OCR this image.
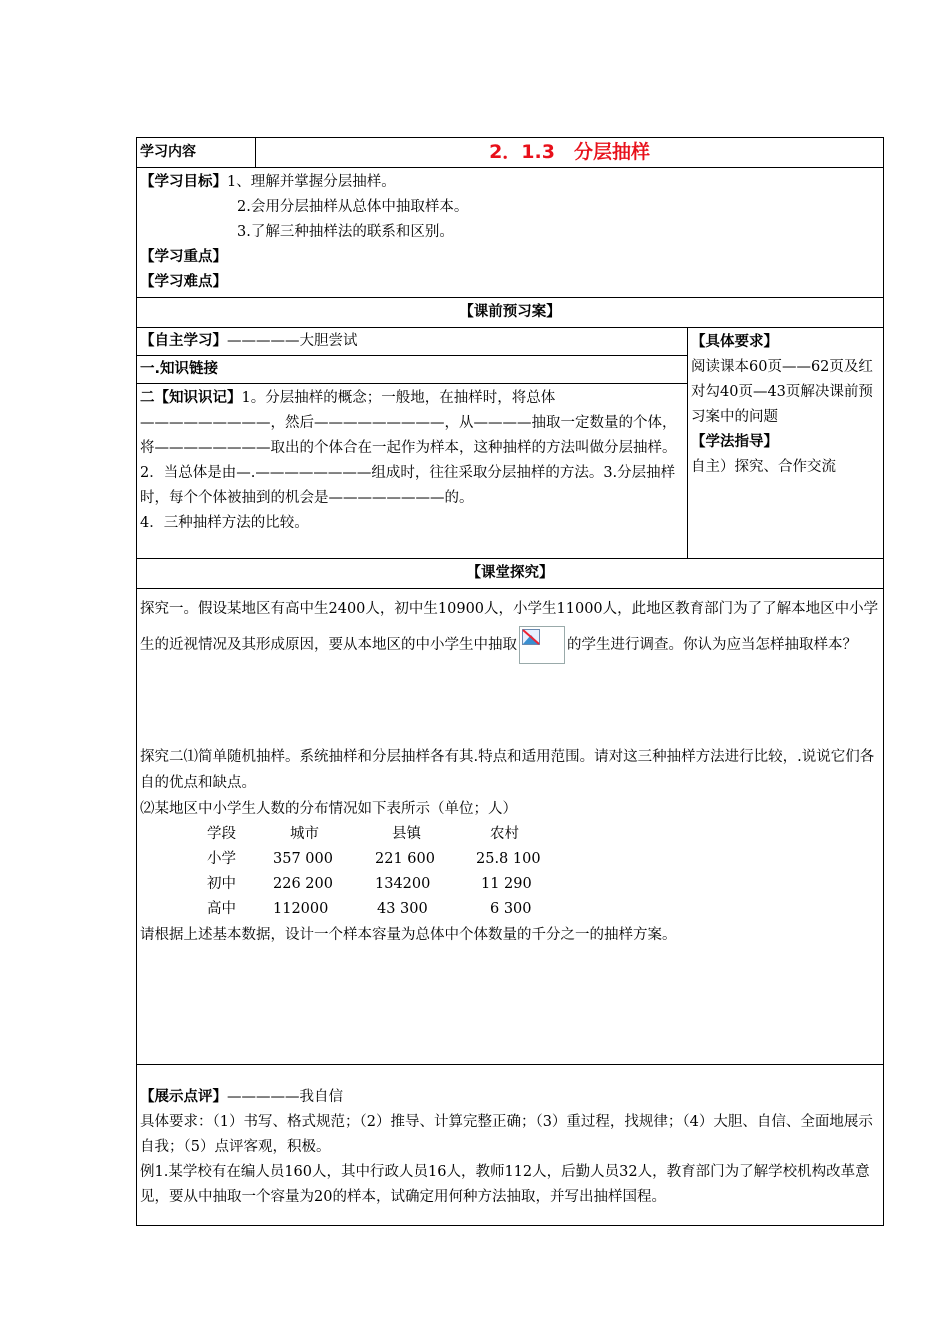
学习内容	2．1.3　分层抽样

【学习目标】1、理解并掌握分层抽样。
2.会用分层抽样从总体中抽取样本。
3.了解三种抽样法的联系和区别。
【学习重点】
【学习难点】

【课前预习案】

【自主学习】—————大胆尝试	【具体要求】
阅读课本60页——62页及红对勾40页—43页解决课前预习案中的问题
【学法指导】
自主）探究、合作交流

一.知识链接

二【知识识记】1。分层抽样的概念；一般地，在抽样时，将总体—————————，然后—————————，从————抽取一定数量的个体，将————————取出的个体合在一起作为样本，这种抽样的方法叫做分层抽样。
2．当总体是由—.————————组成时，往往采取分层抽样的方法。3.分层抽样时，每个个体被抽到的机会是————————的。
4．三种抽样方法的比较。

【课堂探究】

探究一。假设某地区有高中生2400人，初中生10900人，小学生11000人，此地区教育部门为了了解本地区中小学生的近视情况及其形成原因，要从本地区的中小学生中抽取	的学生进行调查。你认为应当怎样抽取样本？
探究二⑴简单随机抽样。系统抽样和分层抽样各有其.特点和适用范围。请对这三种抽样方法进行比较，.说说它们各自的优点和缺点。
⑵某地区中小学生人数的分布情况如下表所示（单位；人）
学段	城市	县镇	农村
小学	357 000	221 600	25.8 100
初中	226 200	134200	11 290
高中	112000	43 300	6 300
请根据上述基本数据，设计一个样本容量为总体中个体数量的千分之一的抽样方案。

【展示点评】—————我自信
具体要求：（1）书写、格式规范；（2）推导、计算完整正确；（3）重过程，找规律；（4）大胆、自信、全面地展示自我；（5）点评客观，积极。
例1.某学校有在编人员160人，其中行政人员16人，教师112人，后勤人员32人，教育部门为了解学校机构改革意见，要从中抽取一个容量为20的样本，试确定用何种方法抽取，并写出抽样国程。
